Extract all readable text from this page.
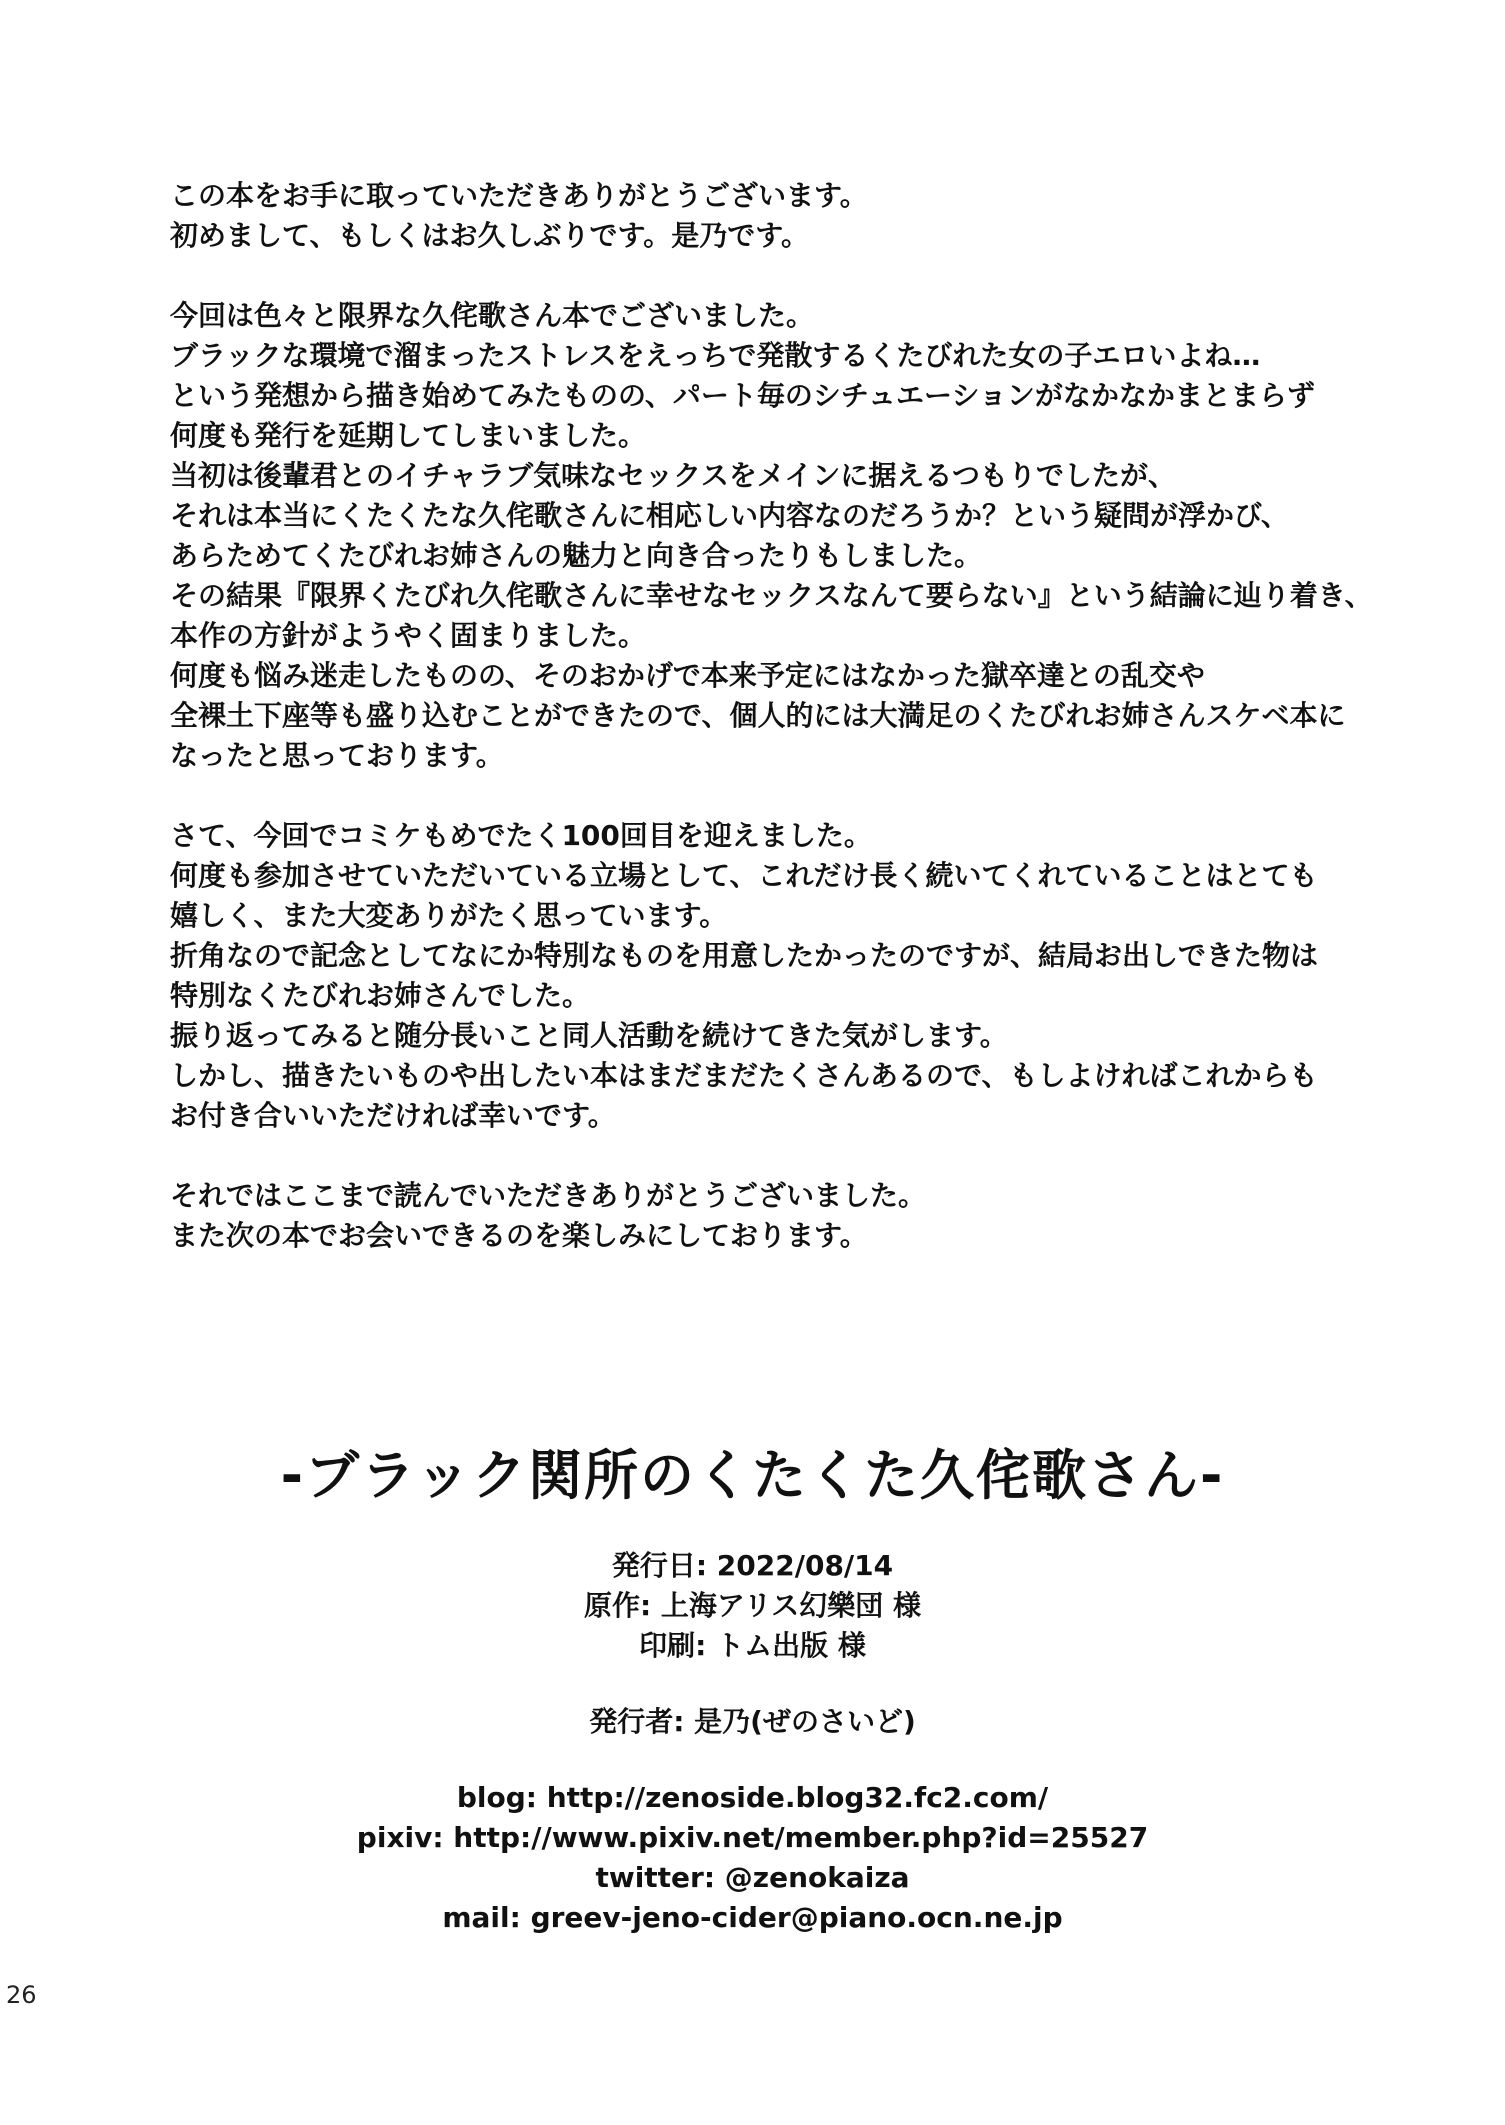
この本をお手に取っていただきありがとうございます。
初めまして、もしくはお久しぶりです。是乃です。
今回は色々と限界な久侘歌さん本でございました。
ブラックな環境で溜まったストレスをえっちで発散するくたびれた女の子エロいよね…
という発想から描き始めてみたものの、パート毎のシチュエーションがなかなかまとまらず
何度も発行を延期してしまいました。
当初は後輩君とのイチャラブ気味なセックスをメインに据えるつもりでしたが、
それは本当にくたくたな久侘歌さんに相応しい内容なのだろうか？という疑問が浮かび、
あらためてくたびれお姉さんの魅力と向き合ったりもしました。
その結果『限界くたびれ久侘歌さんに幸せなセックスなんて要らない』という結論に辿り着き、
本作の方針がようやく固まりました。
何度も悩み迷走したものの、そのおかげで本来予定にはなかった獄卒達との乱交や
全裸土下座等も盛り込むことができたので、個人的には大満足のくたびれお姉さんスケベ本に
なったと思っております。
さて、今回でコミケもめでたく100回目を迎えました。
何度も参加させていただいている立場として、これだけ長く続いてくれていることはとても
嬉しく、また大変ありがたく思っています。
折角なので記念としてなにか特別なものを用意したかったのですが、結局お出しできた物は
特別なくたびれお姉さんでした。
振り返ってみると随分長いこと同人活動を続けてきた気がします。
しかし、描きたいものや出したい本はまだまだたくさんあるので、もしよければこれからも
お付き合いいただければ幸いです。
それではここまで読んでいただきありがとうございました。
また次の本でお会いできるのを楽しみにしております。
-ブラック関所のくたくた久侘歌さん-
発行日: 2022/08/14
原作: 上海アリス幻樂団 様
印刷: トム出版 様
発行者: 是乃(ぜのさいど)
blog: http://zenoside.blog32.fc2.com/
pixiv: http://www.pixiv.net/member.php?id=25527
twitter: @zenokaiza
mail: greev-jeno-cider@piano.ocn.ne.jp
26
